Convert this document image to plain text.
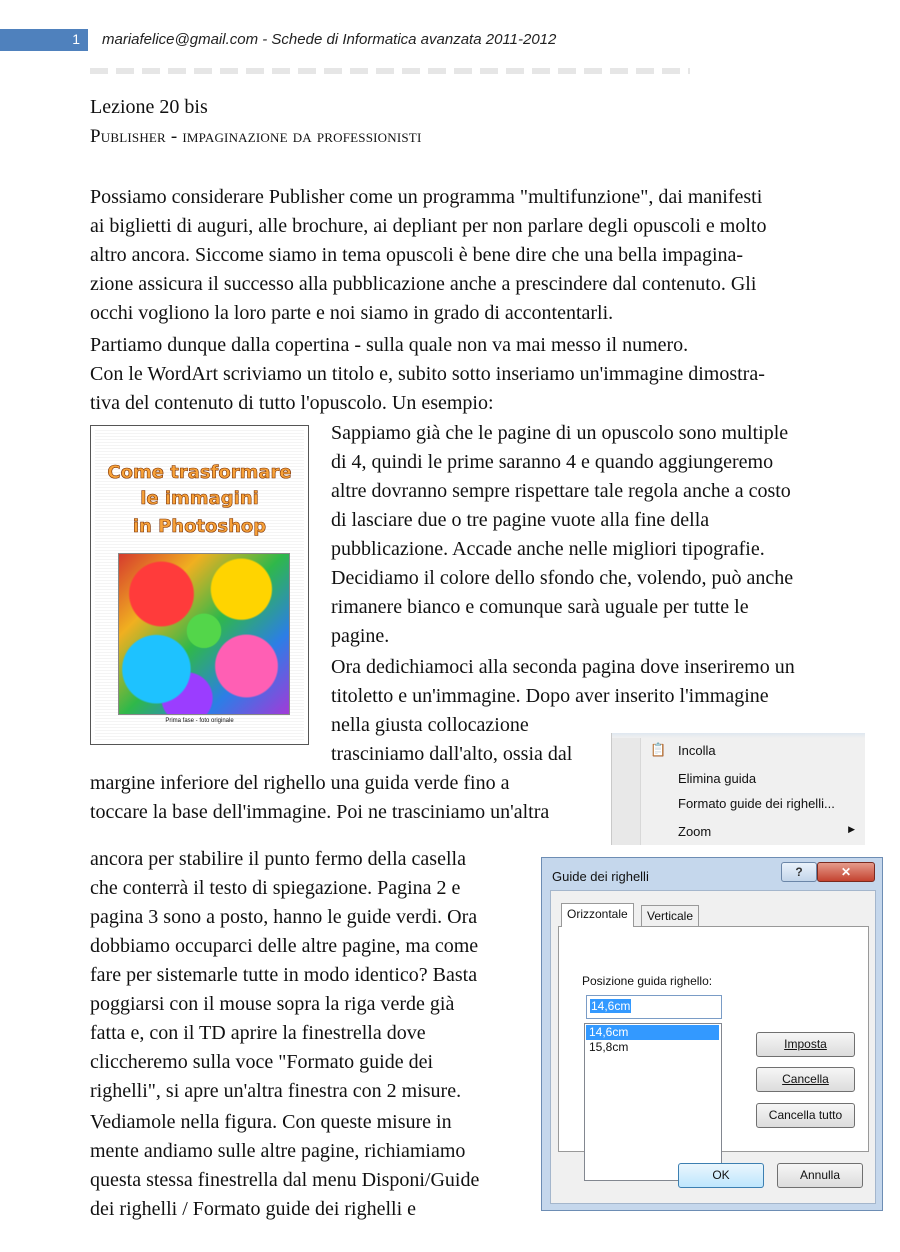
1 mariafelice@gmail.com - Schede di Informatica avanzata 2011-2012
Lezione 20 bis
Publisher - impaginazione da professionisti
Possiamo considerare Publisher come un programma "multifunzione", dai manifesti
ai biglietti di auguri, alle brochure, ai depliant per non parlare degli opuscoli e molto
altro ancora. Siccome siamo in tema opuscoli è bene dire che una bella impagina-
zione assicura il successo alla pubblicazione anche a prescindere dal contenuto. Gli
occhi vogliono la loro parte e noi siamo in grado di accontentarli.
Partiamo dunque dalla copertina - sulla quale non va mai messo il numero.
Con le WordArt scriviamo un titolo e, subito sotto inseriamo un'immagine dimostra-
tiva del contenuto di tutto l'opuscolo. Un esempio:
Come trasformare
le immagini
in Photoshop
Prima fase - foto originale
Sappiamo già che le pagine di un opuscolo sono multiple
di 4, quindi le prime saranno 4 e quando aggiungeremo
altre dovranno sempre rispettare tale regola anche a costo
di lasciare due o tre pagine vuote alla fine della
pubblicazione. Accade anche nelle migliori tipografie.
Decidiamo il colore dello sfondo che, volendo, può anche
rimanere bianco e comunque sarà uguale per tutte le
pagine.
Ora dedichiamoci alla seconda pagina dove inseriremo un
titoletto e un'immagine. Dopo aver inserito l'immagine
nella giusta collocazione
trasciniamo dall'alto, ossia dal
margine inferiore del righello una guida verde fino a
toccare la base dell'immagine. Poi ne trasciniamo un'altra
📋 Incolla
Elimina guida
Formato guide dei righelli...
Zoom	▶
ancora per stabilire il punto fermo della casella
che conterrà il testo di spiegazione. Pagina 2 e
pagina 3 sono a posto, hanno le guide verdi. Ora
dobbiamo occuparci delle altre pagine, ma come
fare per sistemarle tutte in modo identico? Basta
poggiarsi con il mouse sopra la riga verde già
fatta e, con il TD aprire la finestrella dove
cliccheremo sulla voce "Formato guide dei
righelli", si apre un'altra finestra con 2 misure.
Vediamole nella figura. Con queste misure in
mente andiamo sulle altre pagine, richiamiamo
questa stessa finestrella dal menu Disponi/Guide
dei righelli / Formato guide dei righelli e
Guide dei righelli	?	✕
Orizzontale	Verticale
Posizione guida righello:
14,6cm
14,6cm
15,8cm	Imposta
Cancella
Cancella tutto
OK	Annulla
